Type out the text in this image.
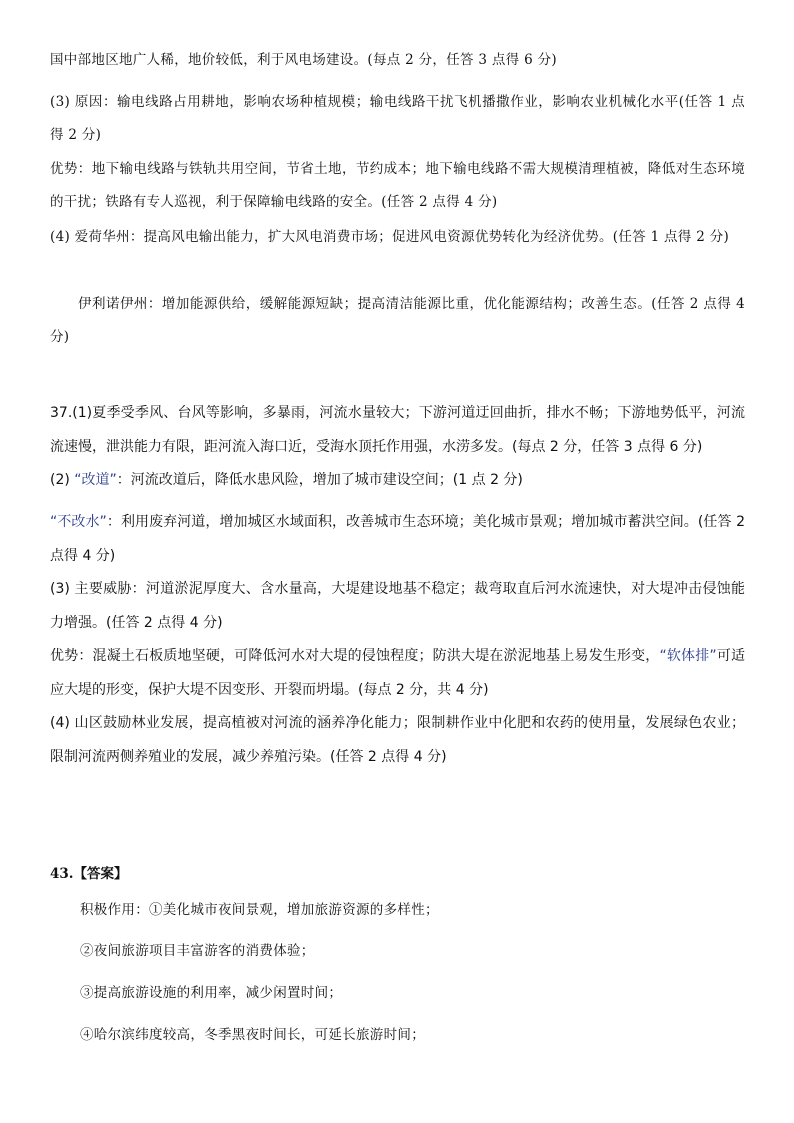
国中部地区地广人稀，地价较低，利于风电场建设。(每点 2 分，任答 3 点得 6 分)

(3) 原因：输电线路占用耕地，影响农场种植规模；输电线路干扰飞机播撒作业，影响农业机械化水平(任答 1 点得 2 分)

优势：地下输电线路与铁轨共用空间，节省土地，节约成本；地下输电线路不需大规模清理植被，降低对生态环境的干扰；铁路有专人巡视，利于保障输电线路的安全。(任答 2 点得 4 分)

(4) 爱荷华州：提高风电输出能力，扩大风电消费市场；促进风电资源优势转化为经济优势。(任答 1 点得 2 分)

伊利诺伊州：增加能源供给，缓解能源短缺；提高清洁能源比重，优化能源结构；改善生态。(任答 2 点得 4 分)

37.(1)夏季受季风、台风等影响，多暴雨，河流水量较大；下游河道迂回曲折，排水不畅；下游地势低平，河流流速慢，泄洪能力有限，距河流入海口近，受海水顶托作用强，水涝多发。(每点 2 分，任答 3 点得 6 分)

(2) “改道”：河流改道后，降低水患风险，增加了城市建设空间；(1 点 2 分)

“不改水”：利用废弃河道，增加城区水域面积，改善城市生态环境；美化城市景观；增加城市蓄洪空间。(任答 2 点得 4 分)

(3) 主要威胁：河道淤泥厚度大、含水量高，大堤建设地基不稳定；裁弯取直后河水流速快，对大堤冲击侵蚀能力增强。(任答 2 点得 4 分)

优势：混凝土石板质地坚硬，可降低河水对大堤的侵蚀程度；防洪大堤在淤泥地基上易发生形变，“软体排”可适应大堤的形变，保护大堤不因变形、开裂而坍塌。(每点 2 分，共 4 分)

(4) 山区鼓励林业发展，提高植被对河流的涵养净化能力；限制耕作业中化肥和农药的使用量，发展绿色农业；限制河流两侧养殖业的发展，减少养殖污染。(任答 2 点得 4 分)

43.【答案】

积极作用：①美化城市夜间景观，增加旅游资源的多样性；

②夜间旅游项目丰富游客的消费体验；

③提高旅游设施的利用率，减少闲置时间；

④哈尔滨纬度较高，冬季黑夜时间长，可延长旅游时间；
